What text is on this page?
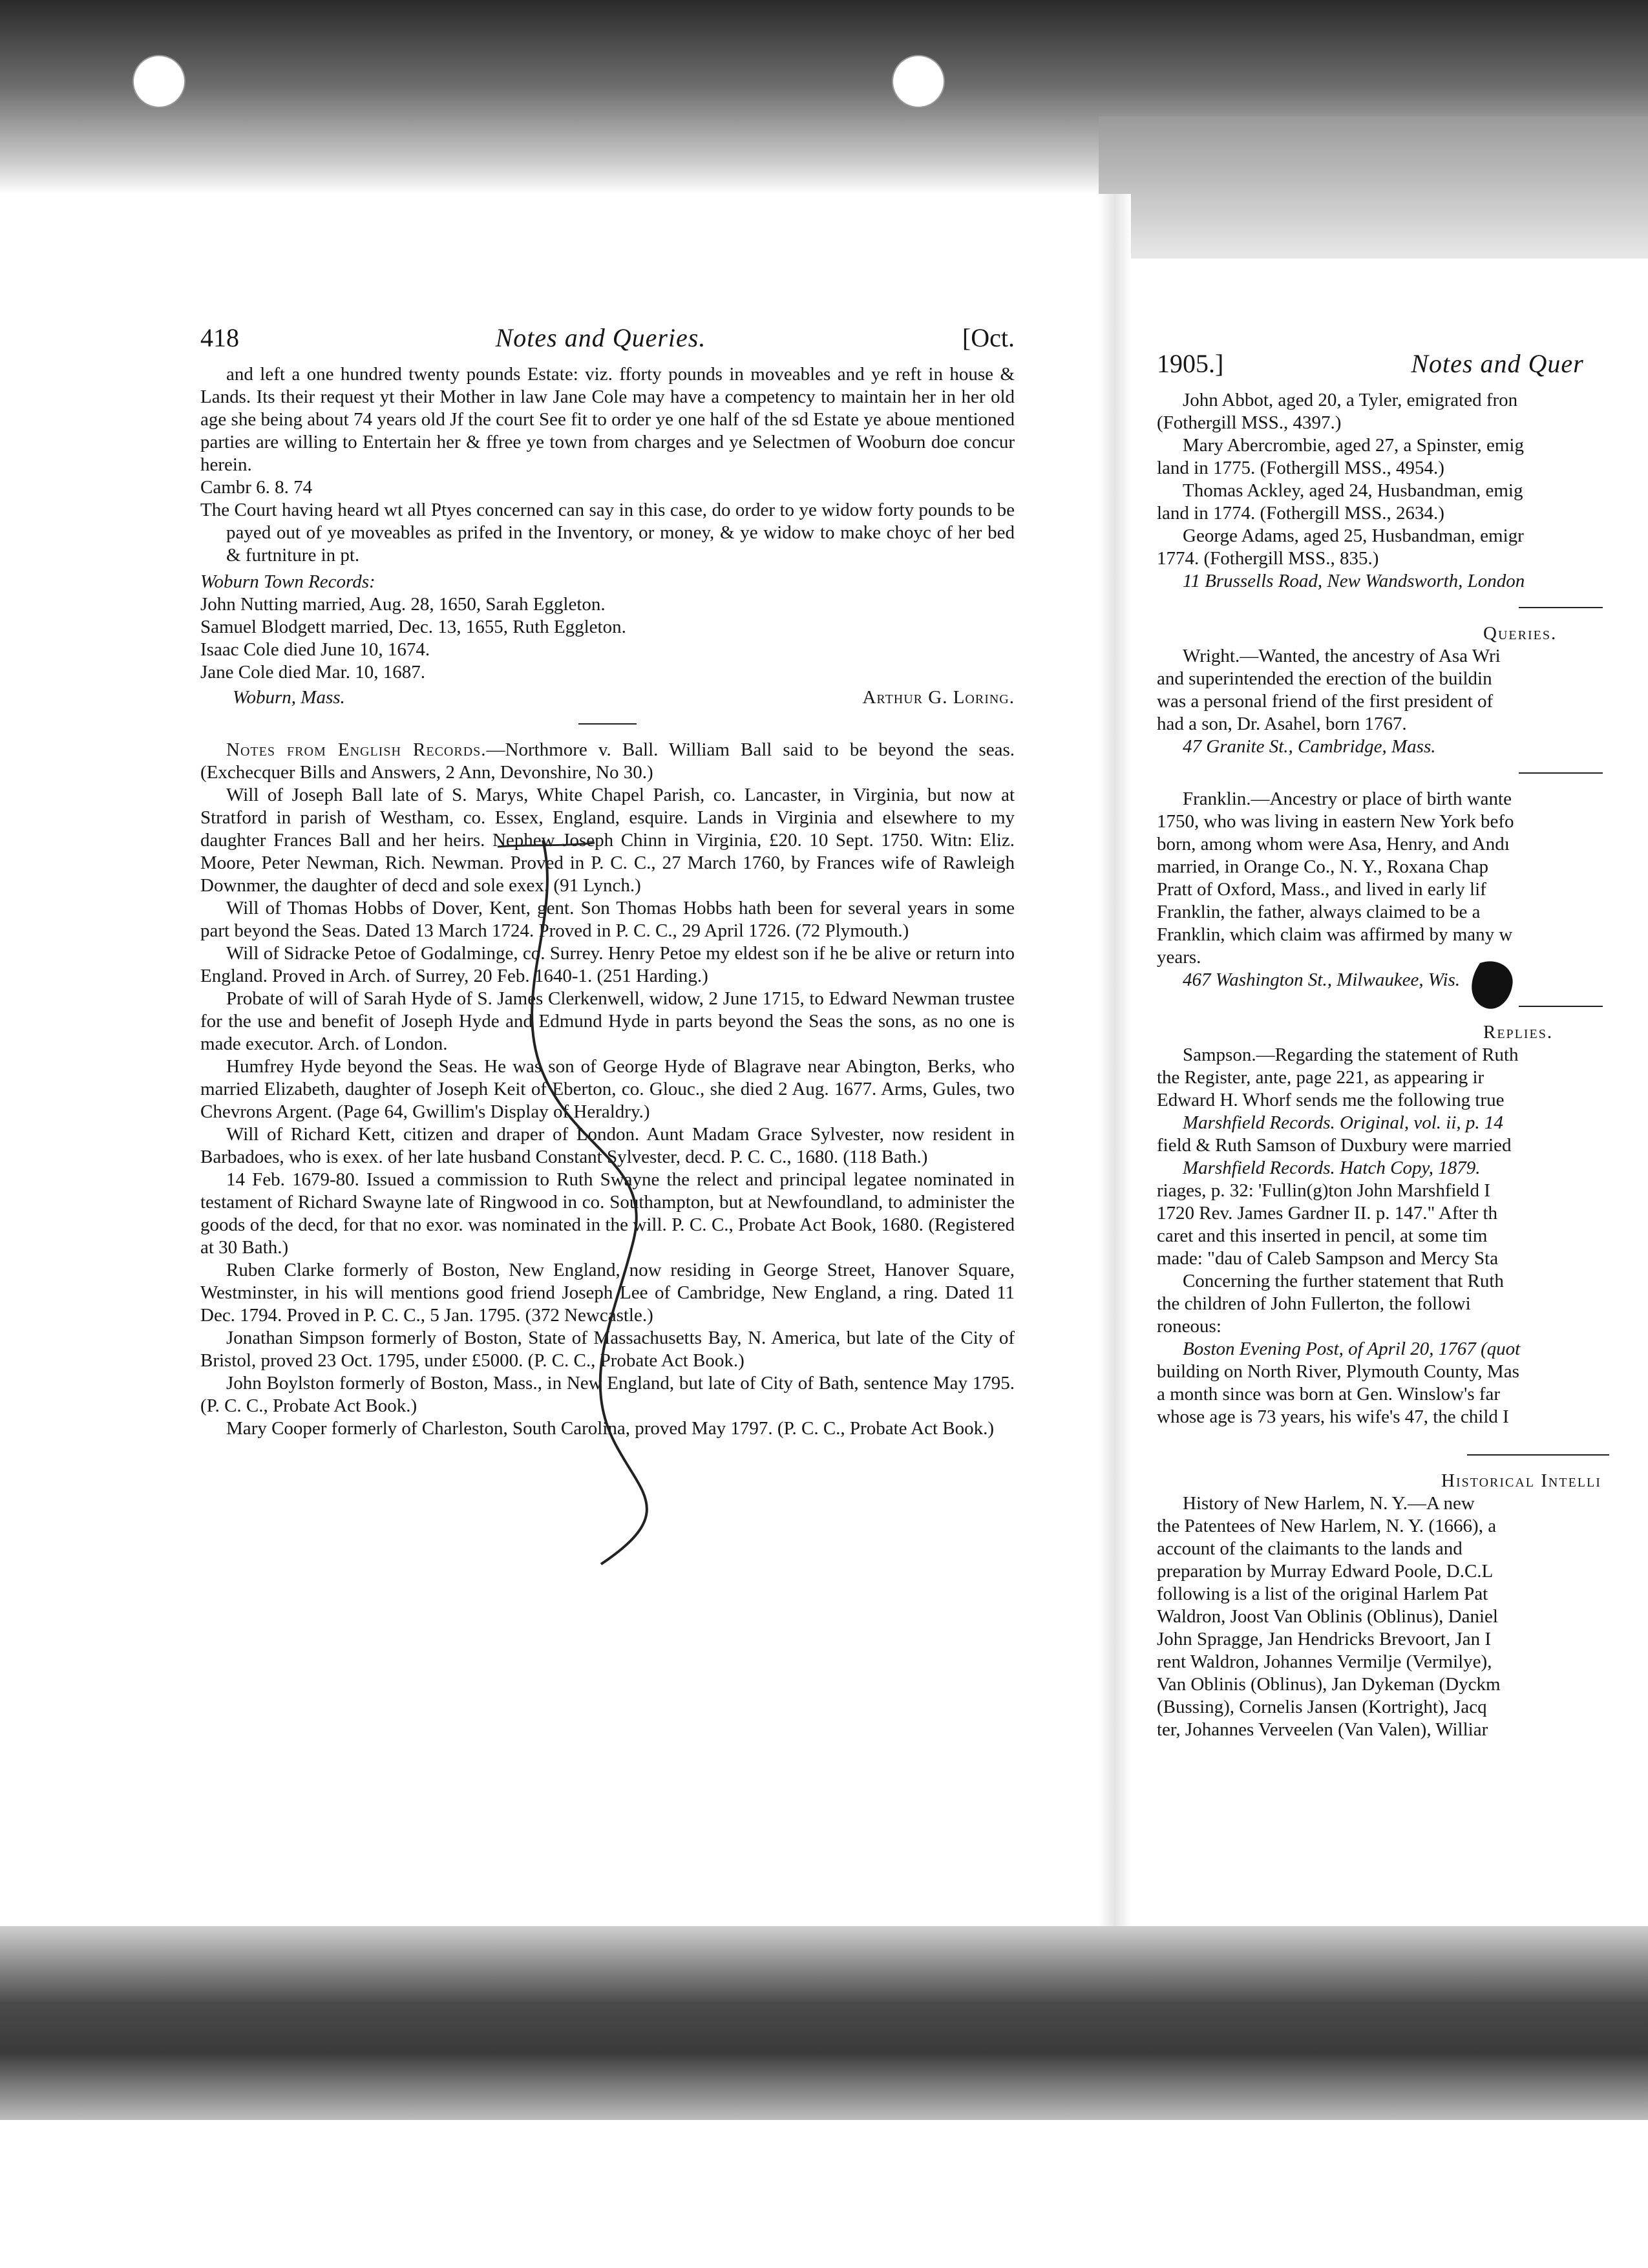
418	Notes and Queries.	[Oct.

and left a one hundred twenty pounds Estate: viz. fforty pounds in moveables and ye reft in house & Lands. Its their request yt their Mother in law Jane Cole may have a competency to maintain her in her old age she being about 74 years old Jf the court See fit to order ye one half of the sd Estate ye aboue mentioned parties are willing to Entertain her & ffree ye town from charges and ye Selectmen of Wooburn doe concur herein.

Cambr 6. 8. 74

The Court having heard wt all Ptyes concerned can say in this case, do order to ye widow forty pounds to be payed out of ye moveables as prifed in the Inventory, or money, & ye widow to make choyc of her bed & furtniture in pt.

Woburn Town Records:

John Nutting married, Aug. 28, 1650, Sarah Eggleton.

Samuel Blodgett married, Dec. 13, 1655, Ruth Eggleton.

Isaac Cole died June 10, 1674.

Jane Cole died Mar. 10, 1687.

Woburn, Mass.	Arthur G. Loring.

Notes from English Records.—Northmore v. Ball. William Ball said to be beyond the seas. (Exchecquer Bills and Answers, 2 Ann, Devonshire, No 30.)

Will of Joseph Ball late of S. Marys, White Chapel Parish, co. Lancaster, in Virginia, but now at Stratford in parish of Westham, co. Essex, England, esquire. Lands in Virginia and elsewhere to my daughter Frances Ball and her heirs. Nephew Joseph Chinn in Virginia, £20. 10 Sept. 1750. Witn: Eliz. Moore, Peter Newman, Rich. Newman. Proved in P. C. C., 27 March 1760, by Frances wife of Rawleigh Downmer, the daughter of decd and sole exex. (91 Lynch.)

Will of Thomas Hobbs of Dover, Kent, gent. Son Thomas Hobbs hath been for several years in some part beyond the Seas. Dated 13 March 1724. Proved in P. C. C., 29 April 1726. (72 Plymouth.)

Will of Sidracke Petoe of Godalminge, co. Surrey. Henry Petoe my eldest son if he be alive or return into England. Proved in Arch. of Surrey, 20 Feb. 1640-1. (251 Harding.)

Probate of will of Sarah Hyde of S. James Clerkenwell, widow, 2 June 1715, to Edward Newman trustee for the use and benefit of Joseph Hyde and Edmund Hyde in parts beyond the Seas the sons, as no one is made executor. Arch. of London.

Humfrey Hyde beyond the Seas. He was son of George Hyde of Blagrave near Abington, Berks, who married Elizabeth, daughter of Joseph Keit of Eberton, co. Glouc., she died 2 Aug. 1677. Arms, Gules, two Chevrons Argent. (Page 64, Gwillim's Display of Heraldry.)

Will of Richard Kett, citizen and draper of London. Aunt Madam Grace Sylvester, now resident in Barbadoes, who is exex. of her late husband Constant Sylvester, decd. P. C. C., 1680. (118 Bath.)

14 Feb. 1679-80. Issued a commission to Ruth Swayne the relect and principal legatee nominated in testament of Richard Swayne late of Ringwood in co. Southampton, but at Newfoundland, to administer the goods of the decd, for that no exor. was nominated in the will. P. C. C., Probate Act Book, 1680. (Registered at 30 Bath.)

Ruben Clarke formerly of Boston, New England, now residing in George Street, Hanover Square, Westminster, in his will mentions good friend Joseph Lee of Cambridge, New England, a ring. Dated 11 Dec. 1794. Proved in P. C. C., 5 Jan. 1795. (372 Newcastle.)

Jonathan Simpson formerly of Boston, State of Massachusetts Bay, N. America, but late of the City of Bristol, proved 23 Oct. 1795, under £5000. (P. C. C., Probate Act Book.)

John Boylston formerly of Boston, Mass., in New England, but late of City of Bath, sentence May 1795. (P. C. C., Probate Act Book.)

Mary Cooper formerly of Charleston, South Carolina, proved May 1797. (P. C. C., Probate Act Book.)

1905.]	Notes and Quer

John Abbot, aged 20, a Tyler, emigrated fron

(Fothergill MSS., 4397.)

Mary Abercrombie, aged 27, a Spinster, emig

land in 1775. (Fothergill MSS., 4954.)

Thomas Ackley, aged 24, Husbandman, emig

land in 1774. (Fothergill MSS., 2634.)

George Adams, aged 25, Husbandman, emigr

1774. (Fothergill MSS., 835.)

11 Brussells Road, New Wandsworth, London

Queries.

Wright.—Wanted, the ancestry of Asa Wri

and superintended the erection of the buildin

was a personal friend of the first president of

had a son, Dr. Asahel, born 1767.

47 Granite St., Cambridge, Mass.

Franklin.—Ancestry or place of birth wante

1750, who was living in eastern New York befo

born, among whom were Asa, Henry, and Andı

married, in Orange Co., N. Y., Roxana Chap

Pratt of Oxford, Mass., and lived in early lif

Franklin, the father, always claimed to be a

Franklin, which claim was affirmed by many w

years.

467 Washington St., Milwaukee, Wis.

Replies.

Sampson.—Regarding the statement of Ruth

the Register, ante, page 221, as appearing ir

Edward H. Whorf sends me the following true

Marshfield Records. Original, vol. ii, p. 14

field & Ruth Samson of Duxbury were married

Marshfield Records. Hatch Copy, 1879.

riages, p. 32: 'Fullin(g)ton John Marshfield I

1720 Rev. James Gardner II. p. 147." After th

caret and this inserted in pencil, at some tim

made: "dau of Caleb Sampson and Mercy Sta

Concerning the further statement that Ruth

the children of John Fullerton, the followi

roneous:

Boston Evening Post, of April 20, 1767 (quot

building on North River, Plymouth County, Mas

a month since was born at Gen. Winslow's far

whose age is 73 years, his wife's 47, the child I

Historical Intelli

History of New Harlem, N. Y.—A new

the Patentees of New Harlem, N. Y. (1666), a

account of the claimants to the lands and

preparation by Murray Edward Poole, D.C.L

following is a list of the original Harlem Pat

Waldron, Joost Van Oblinis (Oblinus), Daniel

John Spragge, Jan Hendricks Brevoort, Jan I

rent Waldron, Johannes Vermilje (Vermilye),

Van Oblinis (Oblinus), Jan Dykeman (Dyckm

(Bussing), Cornelis Jansen (Kortright), Jacq

ter, Johannes Verveelen (Van Valen), Williar
